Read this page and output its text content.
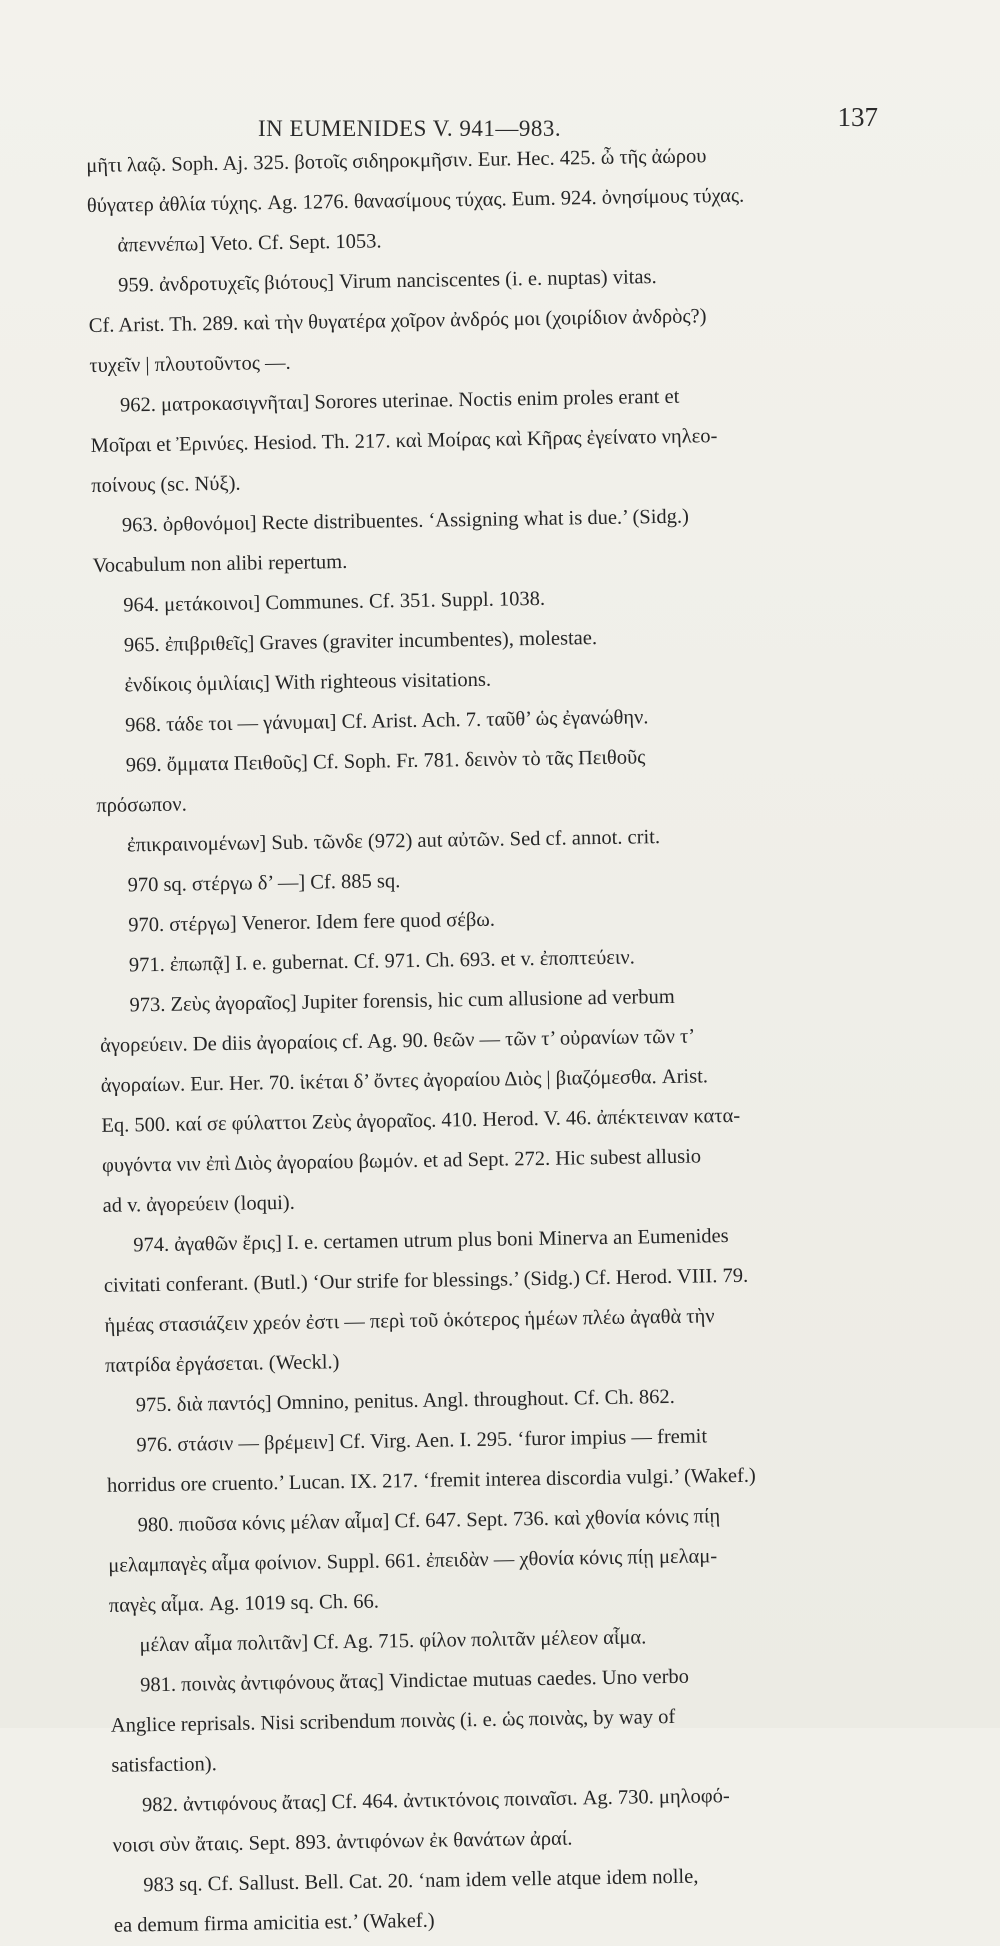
IN EUMENIDES V. 941—983.	137
μῆτι λαῷ. Soph. Aj. 325. βοτοῖς σιδηροκμῆσιν. Eur. Hec. 425. ὦ τῆς ἀώρου
θύγατερ ἀθλία τύχης. Ag. 1276. θανασίμους τύχας. Eum. 924. ὀνησίμους τύχας.
ἀπεννέπω] Veto. Cf. Sept. 1053.
959. ἀνδροτυχεῖς βιότους] Virum nanciscentes (i. e. nuptas) vitas.
Cf. Arist. Th. 289. καὶ τὴν θυγατέρα χοῖρον ἀνδρός μοι (χοιρίδιον ἀνδρὸς?)
τυχεῖν | πλουτοῦντος —.
962. ματροκασιγνῆται] Sorores uterinae. Noctis enim proles erant et
Μοῖραι et Ἐρινύες. Hesiod. Th. 217. καὶ Μοίρας καὶ Κῆρας ἐγείνατο νηλεο-
ποίνους (sc. Νύξ).
963. ὀρθονόμοι] Recte distribuentes. ‘Assigning what is due.’ (Sidg.)
Vocabulum non alibi repertum.
964. μετάκοινοι] Communes. Cf. 351. Suppl. 1038.
965. ἐπιβριθεῖς] Graves (graviter incumbentes), molestae.
ἐνδίκοις ὁμιλίαις] With righteous visitations.
968. τάδε τοι — γάνυμαι] Cf. Arist. Ach. 7. ταῦθ’ ὡς ἐγανώθην.
969. ὄμματα Πειθοῦς] Cf. Soph. Fr. 781. δεινὸν τὸ τᾶς Πειθοῦς
πρόσωπον.
ἐπικραινομένων] Sub. τῶνδε (972) aut αὐτῶν. Sed cf. annot. crit.
970 sq. στέργω δ’ —] Cf. 885 sq.
970. στέργω] Veneror. Idem fere quod σέβω.
971. ἐπωπᾷ] I. e. gubernat. Cf. 971. Ch. 693. et v. ἐποπτεύειν.
973. Ζεὺς ἀγοραῖος] Jupiter forensis, hic cum allusione ad verbum
ἀγορεύειν. De diis ἀγοραίοις cf. Ag. 90. θεῶν — τῶν τ’ οὐρανίων τῶν τ’
ἀγοραίων. Eur. Her. 70. ἱκέται δ’ ὄντες ἀγοραίου Διὸς | βιαζόμεσθα. Arist.
Eq. 500. καί σε φύλαττοι Ζεὺς ἀγοραῖος. 410. Herod. V. 46. ἀπέκτειναν κατα-
φυγόντα νιν ἐπὶ Διὸς ἀγοραίου βωμόν. et ad Sept. 272. Hic subest allusio
ad v. ἀγορεύειν (loqui).
974. ἀγαθῶν ἔρις] I. e. certamen utrum plus boni Minerva an Eumenides
civitati conferant. (Butl.) ‘Our strife for blessings.’ (Sidg.) Cf. Herod. VIII. 79.
ἡμέας στασιάζειν χρεόν ἐστι — περὶ τοῦ ὁκότερος ἡμέων πλέω ἀγαθὰ τὴν
πατρίδα ἐργάσεται. (Weckl.)
975. διὰ παντός] Omnino, penitus. Angl. throughout. Cf. Ch. 862.
976. στάσιν — βρέμειν] Cf. Virg. Aen. I. 295. ‘furor impius — fremit
horridus ore cruento.’ Lucan. IX. 217. ‘fremit interea discordia vulgi.’ (Wakef.)
980. πιοῦσα κόνις μέλαν αἷμα] Cf. 647. Sept. 736. καὶ χθονία κόνις πίῃ
μελαμπαγὲς αἷμα φοίνιον. Suppl. 661. ἐπειδὰν — χθονία κόνις πίῃ μελαμ-
παγὲς αἷμα. Ag. 1019 sq. Ch. 66.
μέλαν αἷμα πολιτᾶν] Cf. Ag. 715. φίλον πολιτᾶν μέλεον αἷμα.
981. ποινὰς ἀντιφόνους ἄτας] Vindictae mutuas caedes. Uno verbo
Anglice reprisals. Nisi scribendum ποινὰς (i. e. ὡς ποινὰς, by way of
satisfaction).
982. ἀντιφόνους ἄτας] Cf. 464. ἀντικτόνοις ποιναῖσι. Ag. 730. μηλοφό-
νοισι σὺν ἄταις. Sept. 893. ἀντιφόνων ἐκ θανάτων ἀραί.
983 sq. Cf. Sallust. Bell. Cat. 20. ‘nam idem velle atque idem nolle,
ea demum firma amicitia est.’ (Wakef.)
